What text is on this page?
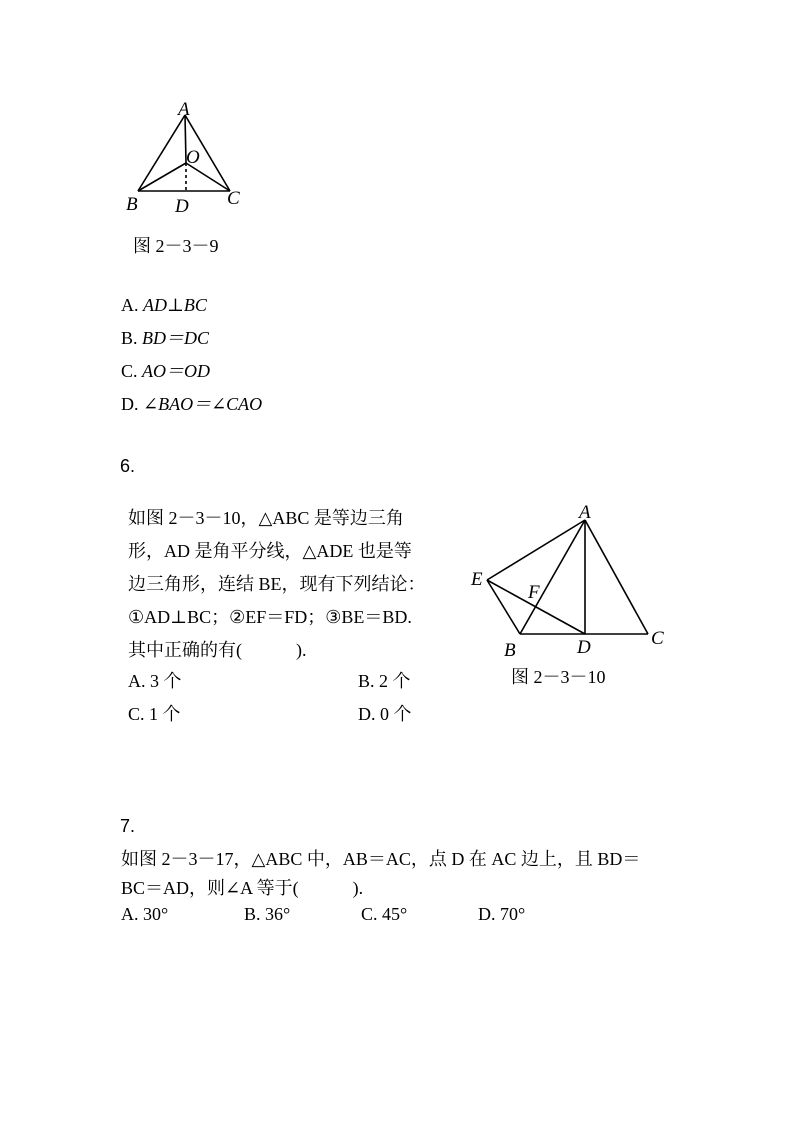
A
O
B D C
图 2－3－9
A. AD⊥BC
B. BD＝DC
C. AO＝OD
D. ∠BAO＝∠CAO
6.
如图 2－3－10，△ABC 是等边三角
形，AD 是角平分线，△ADE 也是等
边三角形，连结 BE，现有下列结论：
①AD⊥BC；②EF＝FD；③BE＝BD.
其中正确的有(　　　).
A. 3 个	B. 2 个
C. 1 个	D. 0 个
A
E
F
B	D	C
图 2－3－10
7.
如图 2－3－17，△ABC 中，AB＝AC，点 D 在 AC 边上，且 BD＝
BC＝AD，则∠A 等于(　　　).
A. 30°	B. 36°	C. 45°	D. 70°
